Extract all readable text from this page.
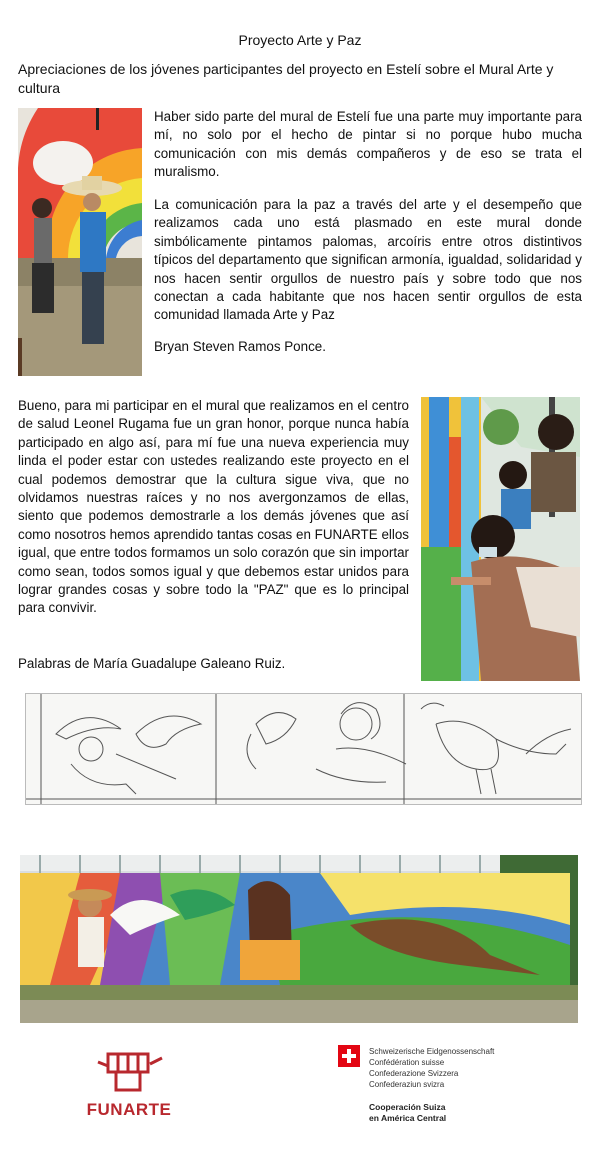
Proyecto Arte y Paz
Apreciaciones de los jóvenes participantes del proyecto en Estelí sobre el Mural Arte y cultura
Haber sido parte del mural de Estelí fue una parte muy importante para mí, no solo por el hecho de pintar si no porque hubo mucha comunicación con mis demás compañeros y de eso se trata el muralismo.
La comunicación para la paz a través del arte y el desempeño que realizamos cada uno está plasmado en este mural donde simbólicamente pintamos palomas, arcoíris entre otros distintivos típicos del departamento que significan armonía, igualdad, solidaridad y nos hacen sentir orgullos de nuestro país y sobre todo que nos conectan a cada habitante que nos hacen sentir orgullos de esta comunidad llamada Arte y Paz
Bryan Steven Ramos Ponce.
Bueno, para mi participar en el mural que realizamos en el centro de salud Leonel Rugama fue un gran honor, porque nunca había participado en algo así, para mí fue una nueva experiencia muy linda el poder estar con ustedes realizando este proyecto en el cual podemos demostrar que la cultura sigue viva, que no olvidamos nuestras raíces y no nos avergonzamos de ellas, siento que podemos demostrarle a los demás jóvenes que así como nosotros hemos aprendido tantas cosas en FUNARTE ellos igual, que entre todos formamos un solo corazón que sin importar como sean, todos somos igual y que debemos estar unidos para lograr grandes cosas y sobre todo la "PAZ" que es lo principal para convivir.
Palabras de María Guadalupe Galeano Ruiz.
FUNARTE
Schweizerische Eidgenossenschaft
Confédération suisse
Confederazione Svizzera
Confederaziun svizra
Cooperación Suiza
en América Central
